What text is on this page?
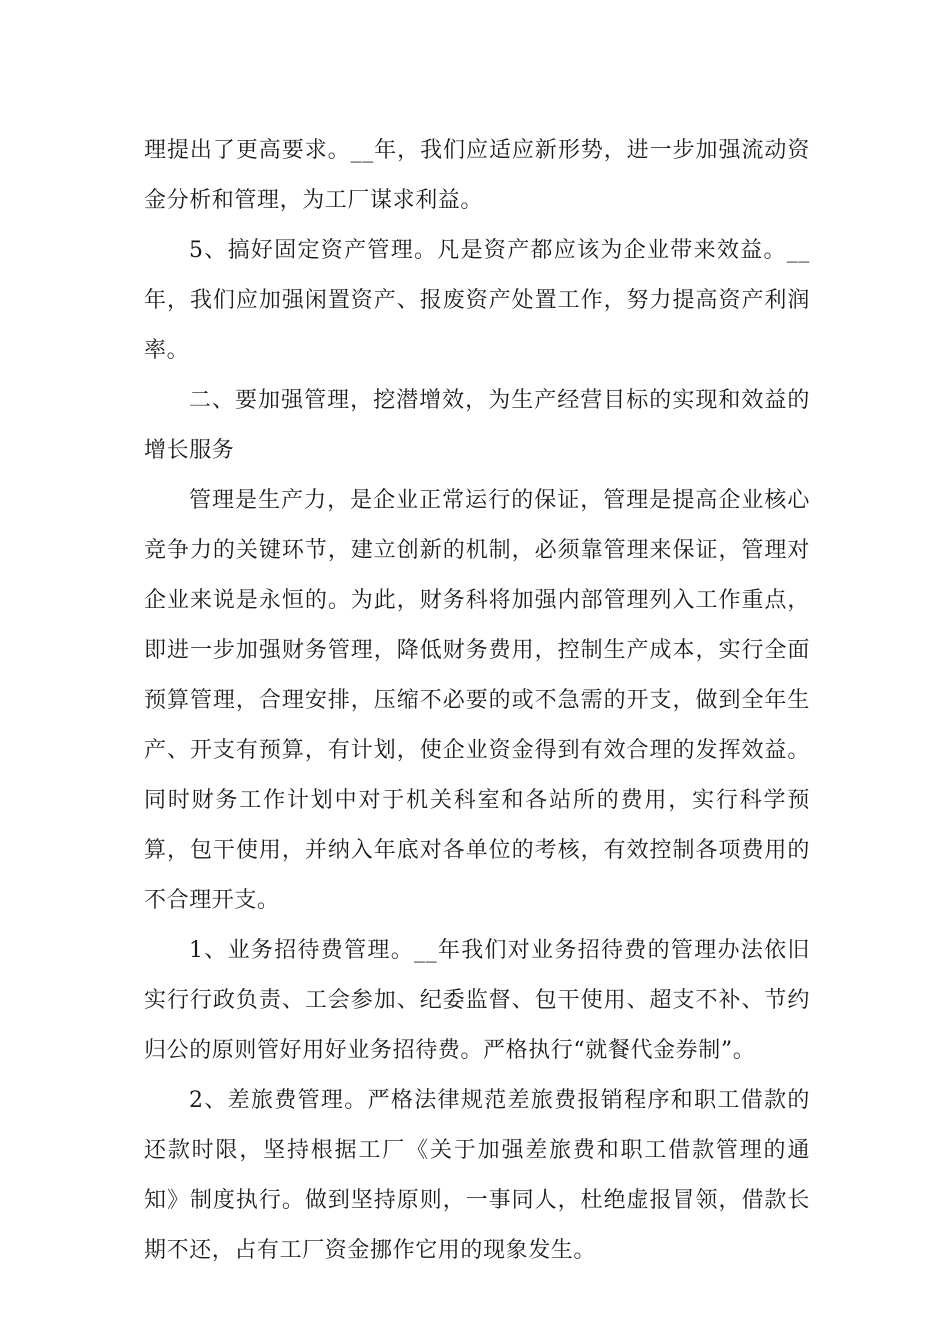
理提出了更高要求。__年，我们应适应新形势，进一步加强流动资金分析和管理，为工厂谋求利益。

5、搞好固定资产管理。凡是资产都应该为企业带来效益。__年，我们应加强闲置资产、报废资产处置工作，努力提高资产利润率。

二、要加强管理，挖潜增效，为生产经营目标的实现和效益的增长服务

管理是生产力，是企业正常运行的保证，管理是提高企业核心竞争力的关键环节，建立创新的机制，必须靠管理来保证，管理对企业来说是永恒的。为此，财务科将加强内部管理列入工作重点，即进一步加强财务管理，降低财务费用，控制生产成本，实行全面预算管理，合理安排，压缩不必要的或不急需的开支，做到全年生产、开支有预算，有计划，使企业资金得到有效合理的发挥效益。同时财务工作计划中对于机关科室和各站所的费用，实行科学预算，包干使用，并纳入年底对各单位的考核，有效控制各项费用的不合理开支。

1、业务招待费管理。__年我们对业务招待费的管理办法依旧实行行政负责、工会参加、纪委监督、包干使用、超支不补、节约归公的原则管好用好业务招待费。严格执行“就餐代金券制”。

2、差旅费管理。严格法律规范差旅费报销程序和职工借款的还款时限，坚持根据工厂《关于加强差旅费和职工借款管理的通知》制度执行。做到坚持原则，一事同人，杜绝虚报冒领，借款长期不还，占有工厂资金挪作它用的现象发生。
